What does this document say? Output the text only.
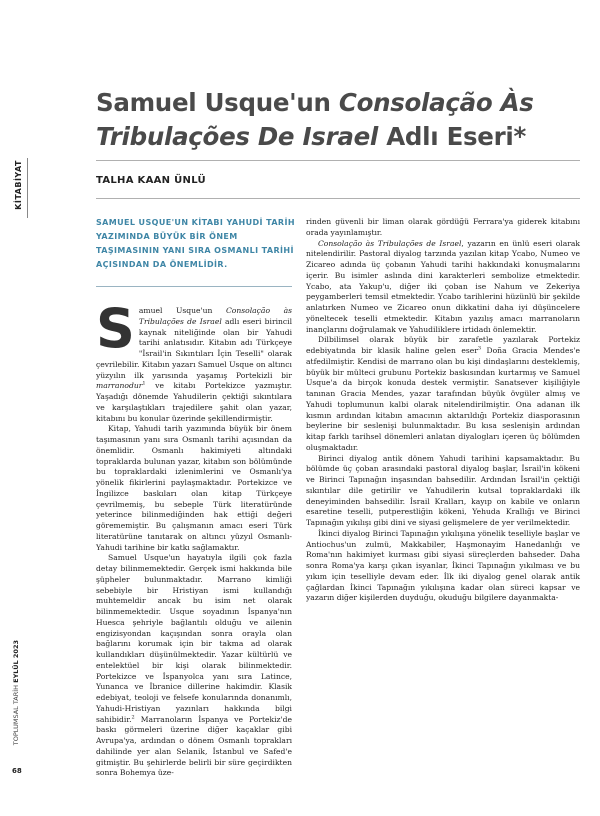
KİTABİYAT
TOPLUMSAL TARİH EYLÜL 2023
68
Samuel Usque'un Consolação Às Tribulações De Israel Adlı Eseri*
TALHA KAAN ÜNLÜ
SAMUEL USQUE'UN KİTABI YAHUDİ TARİH YAZIMINDA BÜYÜK BİR ÖNEM TAŞIMASININ YANI SIRA OSMANLI TARİHİ AÇISINDAN DA ÖNEMLİDİR.

Samuel Usque'un Consolação às Tribulações de Israel adlı eseri birincil kaynak niteliğinde olan bir Yahudi tarihi anlatısıdır. Kitabın adı Türkçeye "İsrail'in Sıkıntıları İçin Teselli" olarak çevrilebilir. Kitabın yazarı Samuel Usque on altıncı yüzyılın ilk yarısında yaşamış Portekizli bir marranodur$^1$ ve kitabı Portekizce yazmıştır. Yaşadığı dönemde Yahudilerin çektiği sıkıntılara ve karşılaştıkları trajedilere şahit olan yazar, kitabını bu konular üzerinde şekillendirmiştir.

Kitap, Yahudi tarih yazımında büyük bir önem taşımasının yanı sıra Osmanlı tarihi açısından da önemlidir. Osmanlı hakimiyeti altındaki topraklarda bulunan yazar, kitabın son bölümünde bu topraklardaki izlenimlerini ve Osmanlı'ya yönelik fikirlerini paylaşmaktadır. Portekizce ve İngilizce baskıları olan kitap Türkçeye çevrilmemiş, bu sebeple Türk literatüründe yeterince bilinmediğinden hak ettiği değeri görememiştir. Bu çalışmanın amacı eseri Türk literatürüne tanıtarak on altıncı yüzyıl Osmanlı-Yahudi tarihine bir katkı sağlamaktır.

Samuel Usque'un hayatıyla ilgili çok fazla detay bilinmemektedir. Gerçek ismi hakkında bile şüpheler bulunmaktadır. Marrano kimliği sebebiyle bir Hristiyan ismi kullandığı muhtemeldir ancak bu isim net olarak bilinmemektedir. Usque soyadının İspanya'nın Huesca şehriyle bağlantılı olduğu ve ailenin engizisyondan kaçışından sonra orayla olan bağlarını korumak için bir takma ad olarak kullandıkları düşünülmektedir. Yazar kültürlü ve entelektüel bir kişi olarak bilinmektedir. Portekizce ve İspanyolca yanı sıra Latince, Yunanca ve İbranice dillerine hakimdir. Klasik edebiyat, teoloji ve felsefe konularında donanımlı, Yahudi-Hristiyan yazınları hakkında bilgi sahibidir.$^2$ Marranoların İspanya ve Portekiz'de baskı görmeleri üzerine diğer kaçaklar gibi Avrupa'ya, ardından o dönem Osmanlı toprakları dahilinde yer alan Selanik, İstanbul ve Safed'e gitmiştir. Bu şehirlerde belirli bir süre geçirdikten sonra Bohemya üze-

rinden güvenli bir liman olarak gördüğü Ferrara'ya giderek kitabını orada yayınlamıştır.

Consolação às Tribulações de Israel, yazarın en ünlü eseri olarak nitelendirilir. Pastoral diyalog tarzında yazılan kitap Ycabo, Numeo ve Zicareo adında üç çobanın Yahudi tarihi hakkındaki konuşmalarını içerir. Bu isimler aslında dini karakterleri sembolize etmektedir. Ycabo, ata Yakup'u, diğer iki çoban ise Nahum ve Zekeriya peygamberleri temsil etmektedir. Ycabo tarihlerini hüzünlü bir şekilde anlatırken Numeo ve Zicareo onun dikkatini daha iyi düşüncelere yöneltecek teselli etmektedir. Kitabın yazılış amacı marranoların inançlarını doğrulamak ve Yahudiliklere irtidadı önlemektir.

Dilbilimsel olarak büyük bir zarafetle yazılarak Portekiz edebiyatında bir klasik haline gelen eser$^3$ Doña Gracia Mendes'e atfedilmiştir. Kendisi de marrano olan bu kişi dindaşlarını desteklemiş, büyük bir mülteci grubunu Portekiz baskısından kurtarmış ve Samuel Usque'a da birçok konuda destek vermiştir. Sanatsever kişiliğiyle tanınan Gracia Mendes, yazar tarafından büyük övgüler almış ve Yahudi toplumunun kalbi olarak nitelendirilmiştir. Ona adanan ilk kısmın ardından kitabın amacının aktarıldığı Portekiz diasporasının beylerine bir seslenişi bulunmaktadır. Bu kısa seslenişin ardından kitap farklı tarihsel dönemleri anlatan diyalogları içeren üç bölümden oluşmaktadır.

Birinci diyalog antik dönem Yahudi tarihini kapsamaktadır. Bu bölümde üç çoban arasındaki pastoral diyalog başlar, İsrail'in kökeni ve Birinci Tapınağın inşasından bahsedilir. Ardından İsrail'in çektiği sıkıntılar dile getirilir ve Yahudilerin kutsal topraklardaki ilk deneyiminden bahsedilir. İsrail Kralları, kayıp on kabile ve onların esaretine teselli, putperestliğin kökeni, Yehuda Krallığı ve Birinci Tapınağın yıkılışı gibi dini ve siyasi gelişmelere de yer verilmektedir.

İkinci diyalog Birinci Tapınağın yıkılışına yönelik teselliyle başlar ve Antiochus'un zulmü, Makkabiler, Haşmonayim Hanedanlığı ve Roma'nın hakimiyet kurması gibi siyasi süreçlerden bahseder. Daha sonra Roma'ya karşı çıkan isyanlar, İkinci Tapınağın yıkılması ve bu yıkım için teselliyle devam eder. İlk iki diyalog genel olarak antik çağlardan İkinci Tapınağın yıkılışına kadar olan süreci kapsar ve yazarın diğer kişilerden duyduğu, okuduğu bilgilere dayanmakta-
